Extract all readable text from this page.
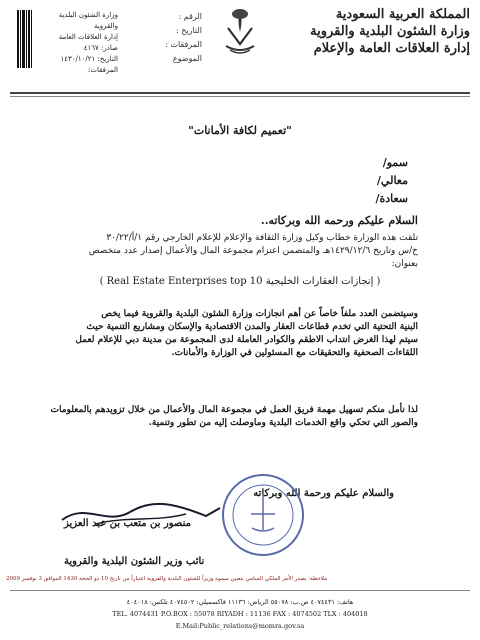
المملكة العربية السعودية
وزارة الشئون البلدية والقروية
إدارة العلاقات العامة والإعلام
الرقم :
التاريخ :
المرفقات :
الموضوع
وزارة الشئون البلدية والقروية
إدارة العلاقات العامة
صادر: ٤١٦٧
التاريخ: ١٤٣٠/١٠/٢١
المرفقات:
"تعميم لكافة الأمانات"
سمو/
معالي/
سعادة/
السلام عليكم ورحمه الله وبركاته..
تلقت هذه الوزارة خطاب وكيل وزارة الثقافة والإعلام للإعلام الخارجي رقم ١/أ/٣٠/٢٢
خ/س وتاريخ ١٤٢٩/١٢/٦هـ والمتضمن اعتزام مجموعة المال والأعمال إصدار عدد متخصص
بعنوان:
( إنجازات العقارات الخليجية Real Estate Enterprises top 10 )
وسيتضمن العدد ملفاً خاصاً عن أهم انجازات وزارة الشئون البلدية والقروية فيما يخص
البنية التحتية التي تخدم قطاعات العقار والمدن الاقتصادية والإسكان ومشاريع التنمية حيث
سيتم لهذا الغرض انتداب الاطقم والكوادر العاملة لدى المجموعة من مدينة دبي للإعلام لعمل
اللقاءات الصحفية والتحقيقات مع المسئولين في الوزارة والأمانات.
لذا نأمل منكم تسهيل مهمة فريق العمل في مجموعة المال والأعمال من خلال تزويدهم بالمعلومات
والصور التي تحكي واقع الخدمات البلدية وماوصلت إليه من تطور وتنمية.
والسلام عليكم ورحمة الله وبركاته
منصور بن متعب بن عبد العزيز
نائب وزير الشئون البلدية والقروية
ملاحظة: يصدر الأمر الملكي السامي بتعيين سموه وزيراً للشئون البلدية والقروية اعتباراً من تاريخ 10 ذو الحجة 1430 الموافق 3 نوفمبر 2009
هاتف: ٤٠٧٤٤٣١ ص.ب: ٥٥٠٧٨ الرياض: ١١١٣٦ فاكسميلي: ٤٠٧٤٥٠٢ تلكس: ٤٠٤٠١٨
TEL. 4074431 P.O.BOX : 55078 RIYADH : 11136 FAX : 4074502 TLX : 404018
E.Mail:Public_relations@momra.gov.sa
